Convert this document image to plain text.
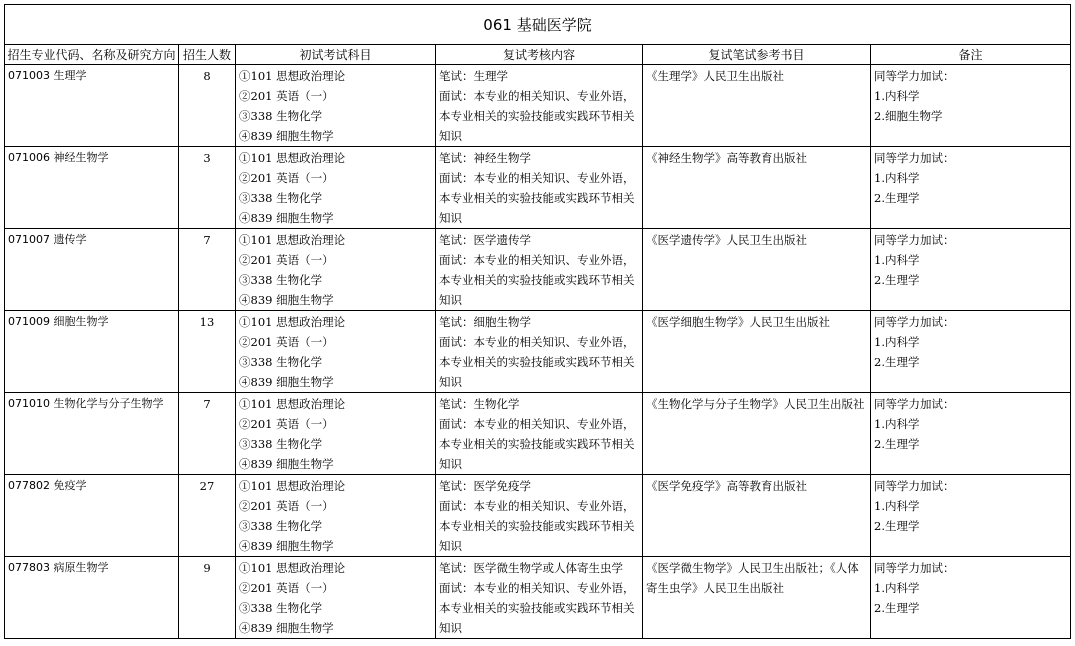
061 基础医学院					
招生专业代码、名称及研究方向	招生人数	初试考试科目	复试考核内容	复试笔试参考书目	备注

071003 生理学	8	①101 思想政治理论
②201 英语（一）
③338 生物化学
④839 细胞生物学	笔试：生理学
面试：本专业的相关知识、专业外语，本专业相关的实验技能或实践环节相关知识	《生理学》人民卫生出版社	同等学力加试：
1.内科学
2.细胞生物学

071006 神经生物学	3	①101 思想政治理论
②201 英语（一）
③338 生物化学
④839 细胞生物学	笔试：神经生物学
面试：本专业的相关知识、专业外语，本专业相关的实验技能或实践环节相关知识	《神经生物学》高等教育出版社	同等学力加试：
1.内科学
2.生理学

071007 遗传学	7	①101 思想政治理论
②201 英语（一）
③338 生物化学
④839 细胞生物学	笔试：医学遗传学
面试：本专业的相关知识、专业外语，本专业相关的实验技能或实践环节相关知识	《医学遗传学》人民卫生出版社	同等学力加试：
1.内科学
2.生理学

071009 细胞生物学	13	①101 思想政治理论
②201 英语（一）
③338 生物化学
④839 细胞生物学	笔试：细胞生物学
面试：本专业的相关知识、专业外语，本专业相关的实验技能或实践环节相关知识	《医学细胞生物学》人民卫生出版社	同等学力加试：
1.内科学
2.生理学

071010 生物化学与分子生物学	7	①101 思想政治理论
②201 英语（一）
③338 生物化学
④839 细胞生物学	笔试：生物化学
面试：本专业的相关知识、专业外语，本专业相关的实验技能或实践环节相关知识	《生物化学与分子生物学》人民卫生出版社	同等学力加试：
1.内科学
2.生理学

077802 免疫学	27	①101 思想政治理论
②201 英语（一）
③338 生物化学
④839 细胞生物学	笔试：医学免疫学
面试：本专业的相关知识、专业外语，本专业相关的实验技能或实践环节相关知识	《医学免疫学》高等教育出版社	同等学力加试：
1.内科学
2.生理学

077803 病原生物学	9	①101 思想政治理论
②201 英语（一）
③338 生物化学
④839 细胞生物学	笔试：医学微生物学或人体寄生虫学
面试：本专业的相关知识、专业外语，本专业相关的实验技能或实践环节相关知识	《医学微生物学》人民卫生出版社；《人体寄生虫学》人民卫生出版社	同等学力加试：
1.内科学
2.生理学
